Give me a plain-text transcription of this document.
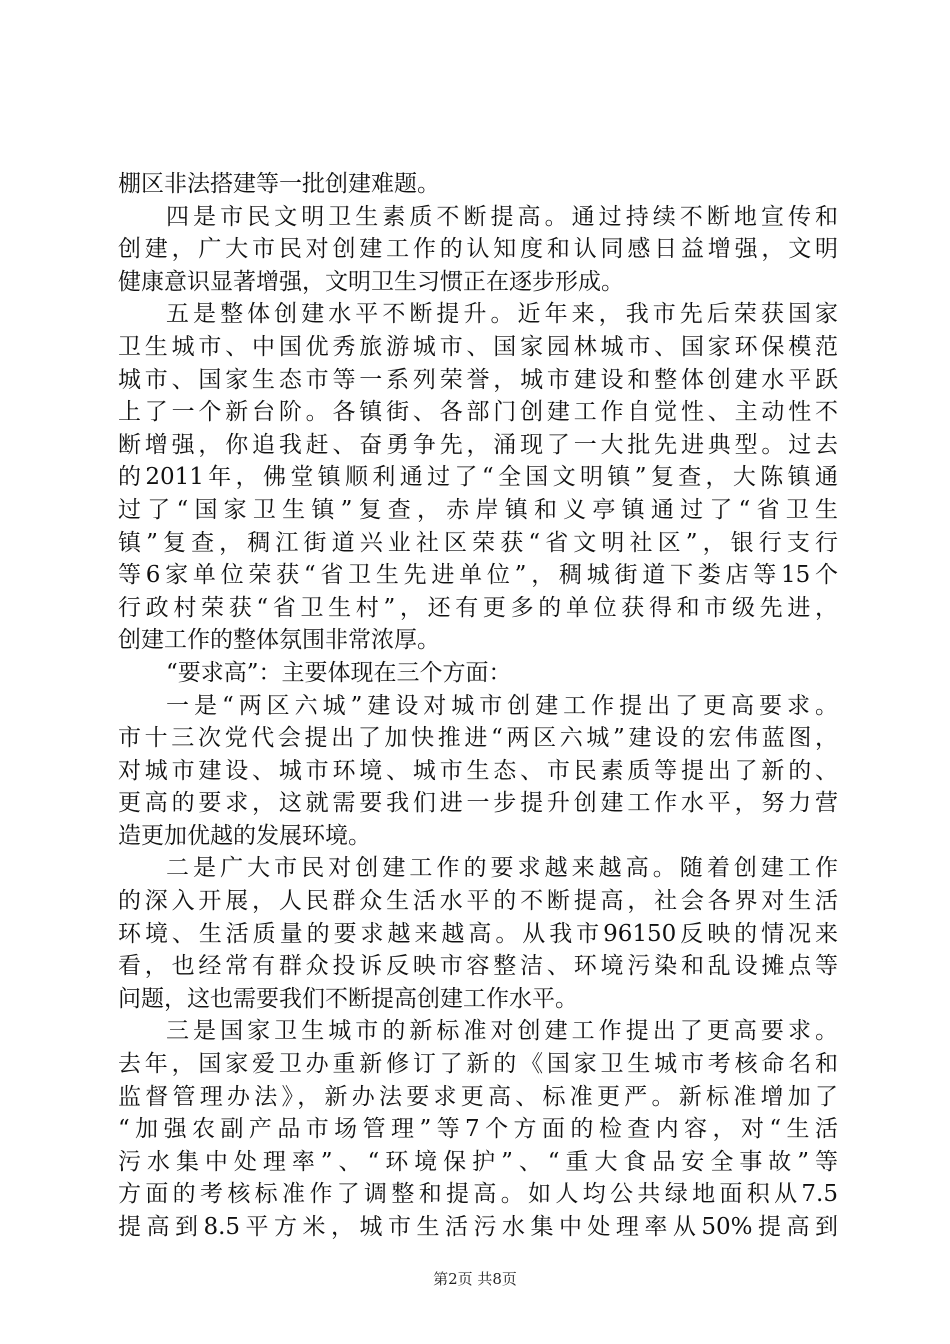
棚区非法搭建等一批创建难题。
四是市民文明卫生素质不断提高。通过持续不断地宣传和
创建，广大市民对创建工作的认知度和认同感日益增强，文明
健康意识显著增强，文明卫生习惯正在逐步形成。
五是整体创建水平不断提升。近年来，我市先后荣获国家
卫生城市、中国优秀旅游城市、国家园林城市、国家环保模范
城市、国家生态市等一系列荣誉，城市建设和整体创建水平跃
上了一个新台阶。各镇街、各部门创建工作自觉性、主动性不
断增强，你追我赶、奋勇争先，涌现了一大批先进典型。过去
的2011年，佛堂镇顺利通过了“全国文明镇”复查，大陈镇通
过了“国家卫生镇”复查，赤岸镇和义亭镇通过了“省卫生
镇”复查，稠江街道兴业社区荣获“省文明社区”，银行支行
等6家单位荣获“省卫生先进单位”，稠城街道下娄店等15个
行政村荣获“省卫生村”，还有更多的单位获得和市级先进，
创建工作的整体氛围非常浓厚。
“要求高”：主要体现在三个方面：
一是“两区六城”建设对城市创建工作提出了更高要求。
市十三次党代会提出了加快推进“两区六城”建设的宏伟蓝图，
对城市建设、城市环境、城市生态、市民素质等提出了新的、
更高的要求，这就需要我们进一步提升创建工作水平，努力营
造更加优越的发展环境。
二是广大市民对创建工作的要求越来越高。随着创建工作
的深入开展，人民群众生活水平的不断提高，社会各界对生活
环境、生活质量的要求越来越高。从我市96150反映的情况来
看，也经常有群众投诉反映市容整洁、环境污染和乱设摊点等
问题，这也需要我们不断提高创建工作水平。
三是国家卫生城市的新标准对创建工作提出了更高要求。
去年，国家爱卫办重新修订了新的《国家卫生城市考核命名和
监督管理办法》，新办法要求更高、标准更严。新标准增加了
“加强农副产品市场管理”等7个方面的检查内容，对“生活
污水集中处理率”、“环境保护”、“重大食品安全事故”等
方面的考核标准作了调整和提高。如人均公共绿地面积从7.5
提高到8.5平方米，城市生活污水集中处理率从50%提高到
第2页 共8页
